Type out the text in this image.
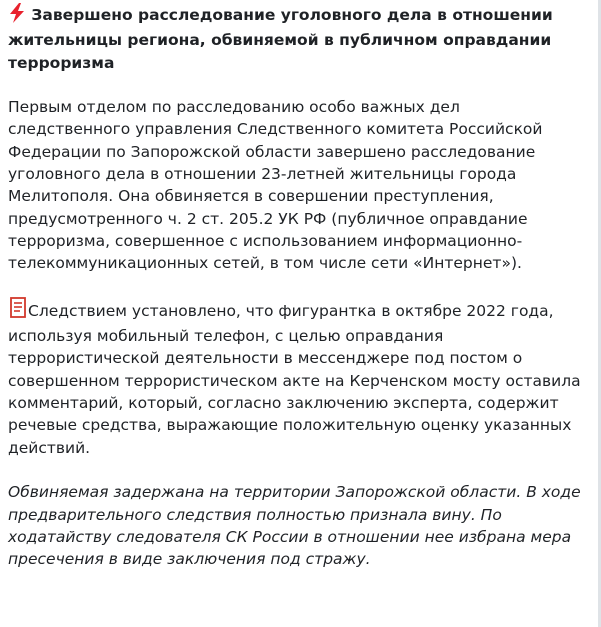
Завершено расследование уголовного дела в отношении жительницы региона, обвиняемой в публичном оправдании терроризма

Первым отделом по расследованию особо важных дел следственного управления Следственного комитета Российской Федерации по Запорожской области завершено расследование уголовного дела в отношении 23-летней жительницы города Мелитополя. Она обвиняется в совершении преступления, предусмотренного ч. 2 ст. 205.2 УК РФ (публичное оправдание терроризма, совершенное с использованием информационно-телекоммуникационных сетей, в том числе сети «Интернет»).

Следствием установлено, что фигурантка в октябре 2022 года, используя мобильный телефон, с целью оправдания террористической деятельности в мессенджере под постом о совершенном террористическом акте на Керченском мосту оставила комментарий, который, согласно заключению эксперта, содержит речевые средства, выражающие положительную оценку указанных действий.

Обвиняемая задержана на территории Запорожской области. В ходе предварительного следствия полностью признала вину. По ходатайству следователя СК России в отношении нее избрана мера пресечения в виде заключения под стражу.
